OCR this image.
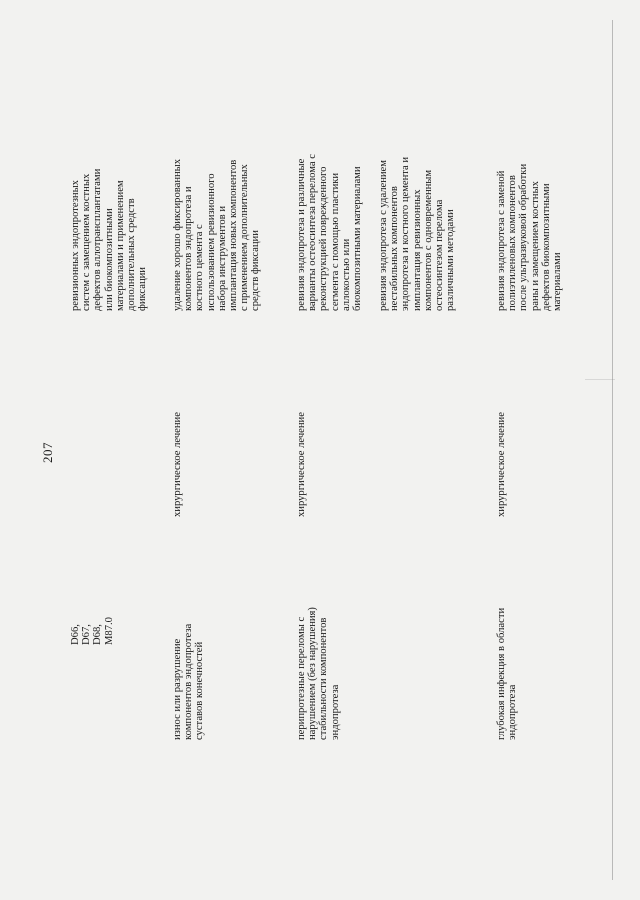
207
D66,
D67,
D68,
M87.0
ревизионных эндопротезных
систем с замещением костных
дефектов аллотрансплантатами
или биокомпозитными
материалами и применением
дополнительных средств
фиксации
износ или разрушение
компонентов эндопротеза
суставов конечностей
хирургическое лечение
удаление хорошо фиксированных
компонентов эндопротеза и
костного цемента с
использованием ревизионного
набора инструментов и
имплантация новых компонентов
с применением дополнительных
средств фиксации
перипротезные переломы с
нарушением (без нарушения)
стабильности компонентов
эндопротеза
хирургическое лечение
ревизия эндопротеза и различные
варианты остеосинтеза перелома с
реконструкцией поврежденного
сегмента с помощью пластики
аллокостью или
биокомпозитными материалами
ревизия эндопротеза с удалением
нестабильных компонентов
эндопротеза и костного цемента и
имплантация ревизионных
компонентов с одновременным
остеосинтезом перелома
различными методами
глубокая инфекция в области
эндопротеза
хирургическое лечение
ревизия эндопротеза с заменой
полиэтиленовых компонентов
после ультразвуковой обработки
раны и замещением костных
дефектов биокомпозитными
материалами
